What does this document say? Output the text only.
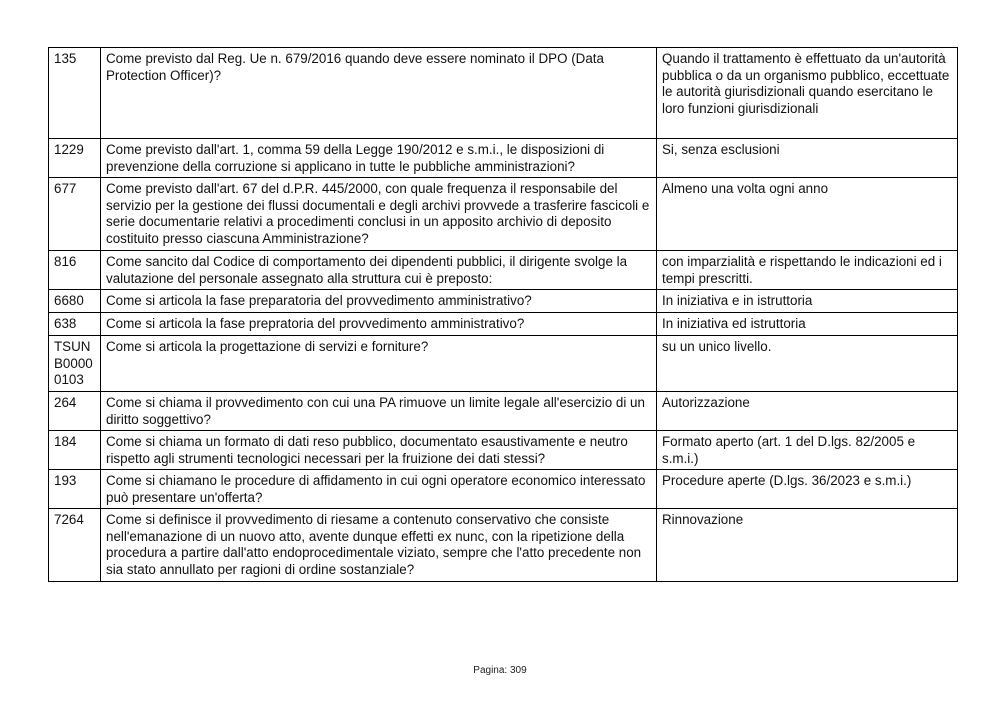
135	Come previsto dal Reg. Ue n. 679/2016 quando deve essere nominato il DPO (Data Protection Officer)?	Quando il trattamento è effettuato da un'autorità pubblica o da un organismo pubblico, eccettuate le autorità giurisdizionali quando esercitano le loro funzioni giurisdizionali
1229	Come previsto dall'art. 1, comma 59 della Legge 190/2012 e s.m.i., le disposizioni di prevenzione della corruzione si applicano in tutte le pubbliche amministrazioni?	Si, senza esclusioni
677	Come previsto dall'art. 67 del d.P.R. 445/2000, con quale frequenza il responsabile del servizio per la gestione dei flussi documentali e degli archivi provvede a trasferire fascicoli e serie documentarie relativi a procedimenti conclusi in un apposito archivio di deposito costituito presso ciascuna Amministrazione?	Almeno una volta ogni anno
816	Come sancito dal Codice di comportamento dei dipendenti pubblici, il dirigente svolge la valutazione del personale assegnato alla struttura cui è preposto:	con imparzialità e rispettando le indicazioni ed i tempi prescritti.
6680	Come si articola la fase preparatoria del provvedimento amministrativo?	In iniziativa e in istruttoria
638	Come si articola la fase prepratoria del provvedimento amministrativo?	In iniziativa ed istruttoria
TSUNB00000103	Come si articola la progettazione di servizi e forniture?	su un unico livello.
264	Come si chiama il provvedimento con cui una PA rimuove un limite legale all'esercizio di un diritto soggettivo?	Autorizzazione
184	Come si chiama un formato di dati reso pubblico, documentato esaustivamente e neutro rispetto agli strumenti tecnologici necessari per la fruizione dei dati stessi?	Formato aperto (art. 1 del D.lgs. 82/2005 e s.m.i.)
193	Come si chiamano le procedure di affidamento in cui ogni operatore economico interessato può presentare un'offerta?	Procedure aperte (D.lgs. 36/2023 e s.m.i.)
7264	Come si definisce il provvedimento di riesame a contenuto conservativo che consiste nell'emanazione di un nuovo atto, avente dunque effetti ex nunc, con la ripetizione della procedura a partire dall'atto endoprocedimentale viziato, sempre che l'atto precedente non sia stato annullato per ragioni di ordine sostanziale?	Rinnovazione
Pagina: 309
